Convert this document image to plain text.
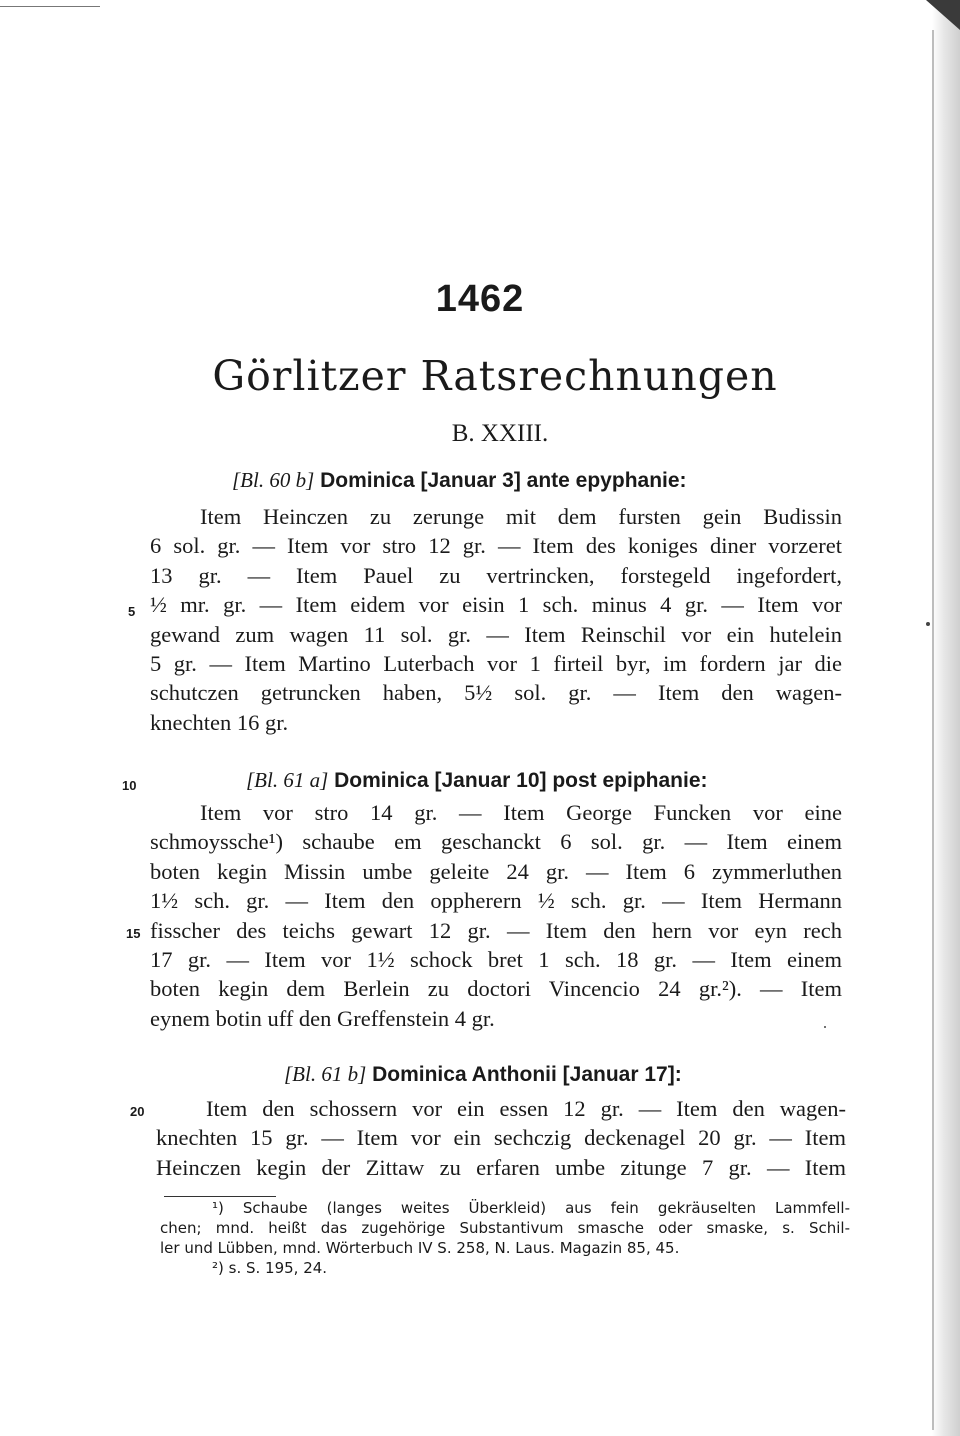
1462
Görlitzer Ratsrechnungen
B. XXIII.
[Bl. 60 b] Dominica [Januar 3] ante epyphanie:
Item Heinczen zu zerunge mit dem fursten gein Budissin
6 sol. gr. — Item vor stro 12 gr. — Item des koniges diner vorzeret
13 gr. — Item Pauel zu vertrincken, forstegeld ingefordert,
½ mr. gr. — Item eidem vor eisin 1 sch. minus 4 gr. — Item vor
gewand zum wagen 11 sol. gr. — Item Reinschil vor ein hutelein
5 gr. — Item Martino Luterbach vor 1 firteil byr, im fordern jar die
schutczen getruncken haben, 5½ sol. gr. — Item den wagen-
knechten 16 gr.
[Bl. 61 a] Dominica [Januar 10] post epiphanie:
Item vor stro 14 gr. — Item George Funcken vor eine
schmoyssche¹) schaube em geschanckt 6 sol. gr. — Item einem
boten kegin Missin umbe geleite 24 gr. — Item 6 zymmerluthen
1½ sch. gr. — Item den oppherern ½ sch. gr. — Item Hermann
fisscher des teichs gewart 12 gr. — Item den hern vor eyn rech
17 gr. — Item vor 1½ schock bret 1 sch. 18 gr. — Item einem
boten kegin dem Berlein zu doctori Vincencio 24 gr.²). — Item
eynem botin uff den Greffenstein 4 gr.
[Bl. 61 b] Dominica Anthonii [Januar 17]:
Item den schossern vor ein essen 12 gr. — Item den wagen-
knechten 15 gr. — Item vor ein sechczig deckenagel 20 gr. — Item
Heinczen kegin der Zittaw zu erfaren umbe zitunge 7 gr. — Item
5
10
15
20
¹) Schaube (langes weites Überkleid) aus fein gekräuselten Lammfell-
chen; mnd. heißt das zugehörige Substantivum smasche oder smaske, s. Schil-
ler und Lübben, mnd. Wörterbuch IV S. 258, N. Laus. Magazin 85, 45.
²) s. S. 195, 24.
